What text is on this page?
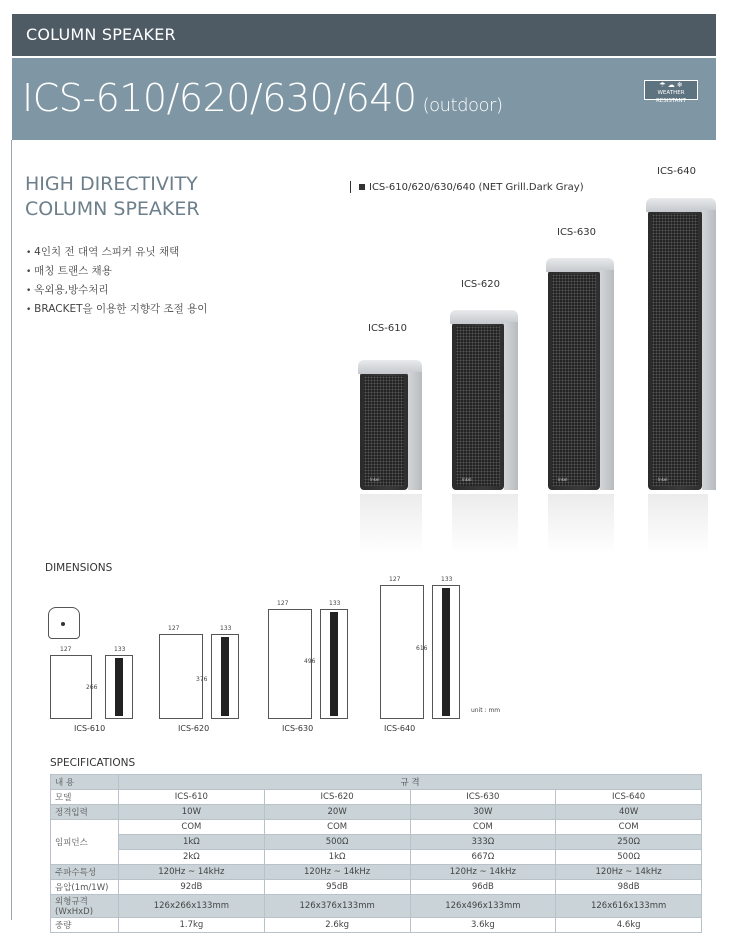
COLUMN SPEAKER
ICS-610/620/630/640 (outdoor)
☂ ☁ ❄
WEATHER RESISTANT
HIGH DIRECTIVITY
COLUMN SPEAKER
• 4인치 전 대역 스피커 유닛 채택
• 매칭 트랜스 채용
• 옥외용,방수처리
• BRACKET을 이용한 지향각 조절 용이
ICS-610/620/630/640 (NET Grill.Dark Gray)
ICS-610
ICS-620
ICS-630
ICS-640
Inkel	Inkel	Inkel	Inkel
DIMENSIONS
127	133
266
ICS-610
127	133
376
ICS-620
127	133
496
ICS-630
127	133
616
ICS-640
unit : mm
SPECIFICATIONS
내 용	규 격			
모델	ICS-610	ICS-620	ICS-630	ICS-640
정격입력	10W	20W	30W	40W
임피던스	COM	COM	COM	COM
	1kΩ	500Ω	333Ω	250Ω
	2kΩ	1kΩ	667Ω	500Ω
주파수특성	120Hz ~ 14kHz	120Hz ~ 14kHz	120Hz ~ 14kHz	120Hz ~ 14kHz
음압(1m/1W)	92dB	95dB	96dB	98dB
외형규격(WxHxD)	126x266x133mm	126x376x133mm	126x496x133mm	126x616x133mm
중량	1.7kg	2.6kg	3.6kg	4.6kg
